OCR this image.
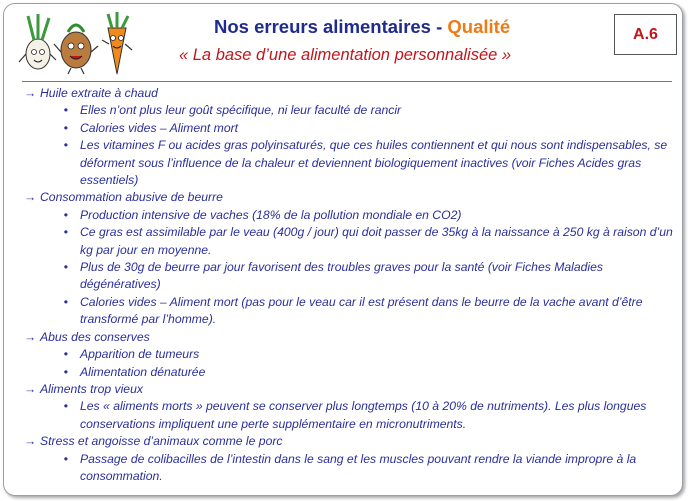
Nos erreurs alimentaires - Qualité
« La base d’une alimentation personnalisée »
A.6
→ Huile extraite à chaud
• Elles n’ont plus leur goût spécifique, ni leur faculté de rancir
• Calories vides – Aliment mort
• Les vitamines F ou acides gras polyinsaturés, que ces huiles contiennent et qui nous sont indispensables, se déforment sous l’influence de la chaleur et deviennent biologiquement inactives (voir Fiches Acides gras essentiels)
→ Consommation abusive de beurre
• Production intensive de vaches (18% de la pollution mondiale en CO2)
• Ce gras est assimilable par le veau (400g / jour) qui doit passer de 35kg à la naissance à 250 kg à raison d’un kg par jour en moyenne.
• Plus de 30g de beurre par jour favorisent des troubles graves pour la santé (voir Fiches Maladies dégénératives)
• Calories vides – Aliment mort (pas pour le veau car il est présent dans le beurre de la vache avant d’être transformé par l’homme).
→ Abus des conserves
• Apparition de tumeurs
• Alimentation dénaturée
→ Aliments trop vieux
• Les « aliments morts » peuvent se conserver plus longtemps (10 à 20% de nutriments). Les plus longues conservations impliquent une perte supplémentaire en micronutriments.
→ Stress et angoisse d’animaux comme le porc
• Passage de colibacilles de l’intestin dans le sang et les muscles pouvant rendre la viande impropre à la consommation.
